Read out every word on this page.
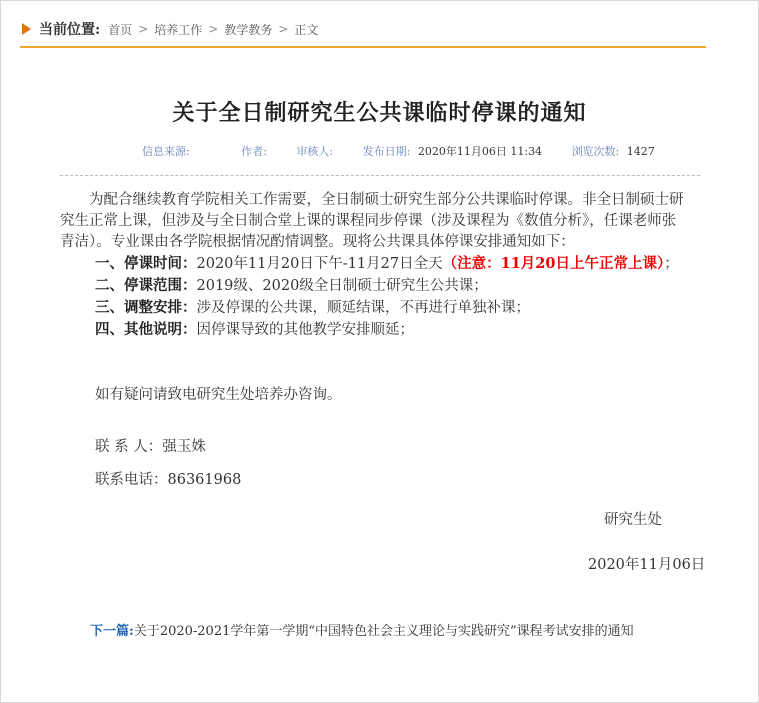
当前位置: 首页 > 培养工作 > 教学教务 > 正文
关于全日制研究生公共课临时停课的通知
信息来源:	作者:	审核人:	发布日期: 2020年11月06日 11:34	浏览次数: 1427

为配合继续教育学院相关工作需要，全日制硕士研究生部分公共课临时停课。非全日制硕士研究生正常上课，但涉及与全日制合堂上课的课程同步停课（涉及课程为《数值分析》，任课老师张青洁）。专业课由各学院根据情况酌情调整。现将公共课具体停课安排通知如下：

一、停课时间：2020年11月20日下午-11月27日全天（注意：11月20日上午正常上课）；

二、停课范围：2019级、2020级全日制硕士研究生公共课；

三、调整安排：涉及停课的公共课，顺延结课，不再进行单独补课；

四、其他说明：因停课导致的其他教学安排顺延；

如有疑问请致电研究生处培养办咨询。
联 系 人：强玉姝
联系电话：86361968
研究生处
2020年11月06日
下一篇:关于2020-2021学年第一学期“中国特色社会主义理论与实践研究”课程考试安排的通知
